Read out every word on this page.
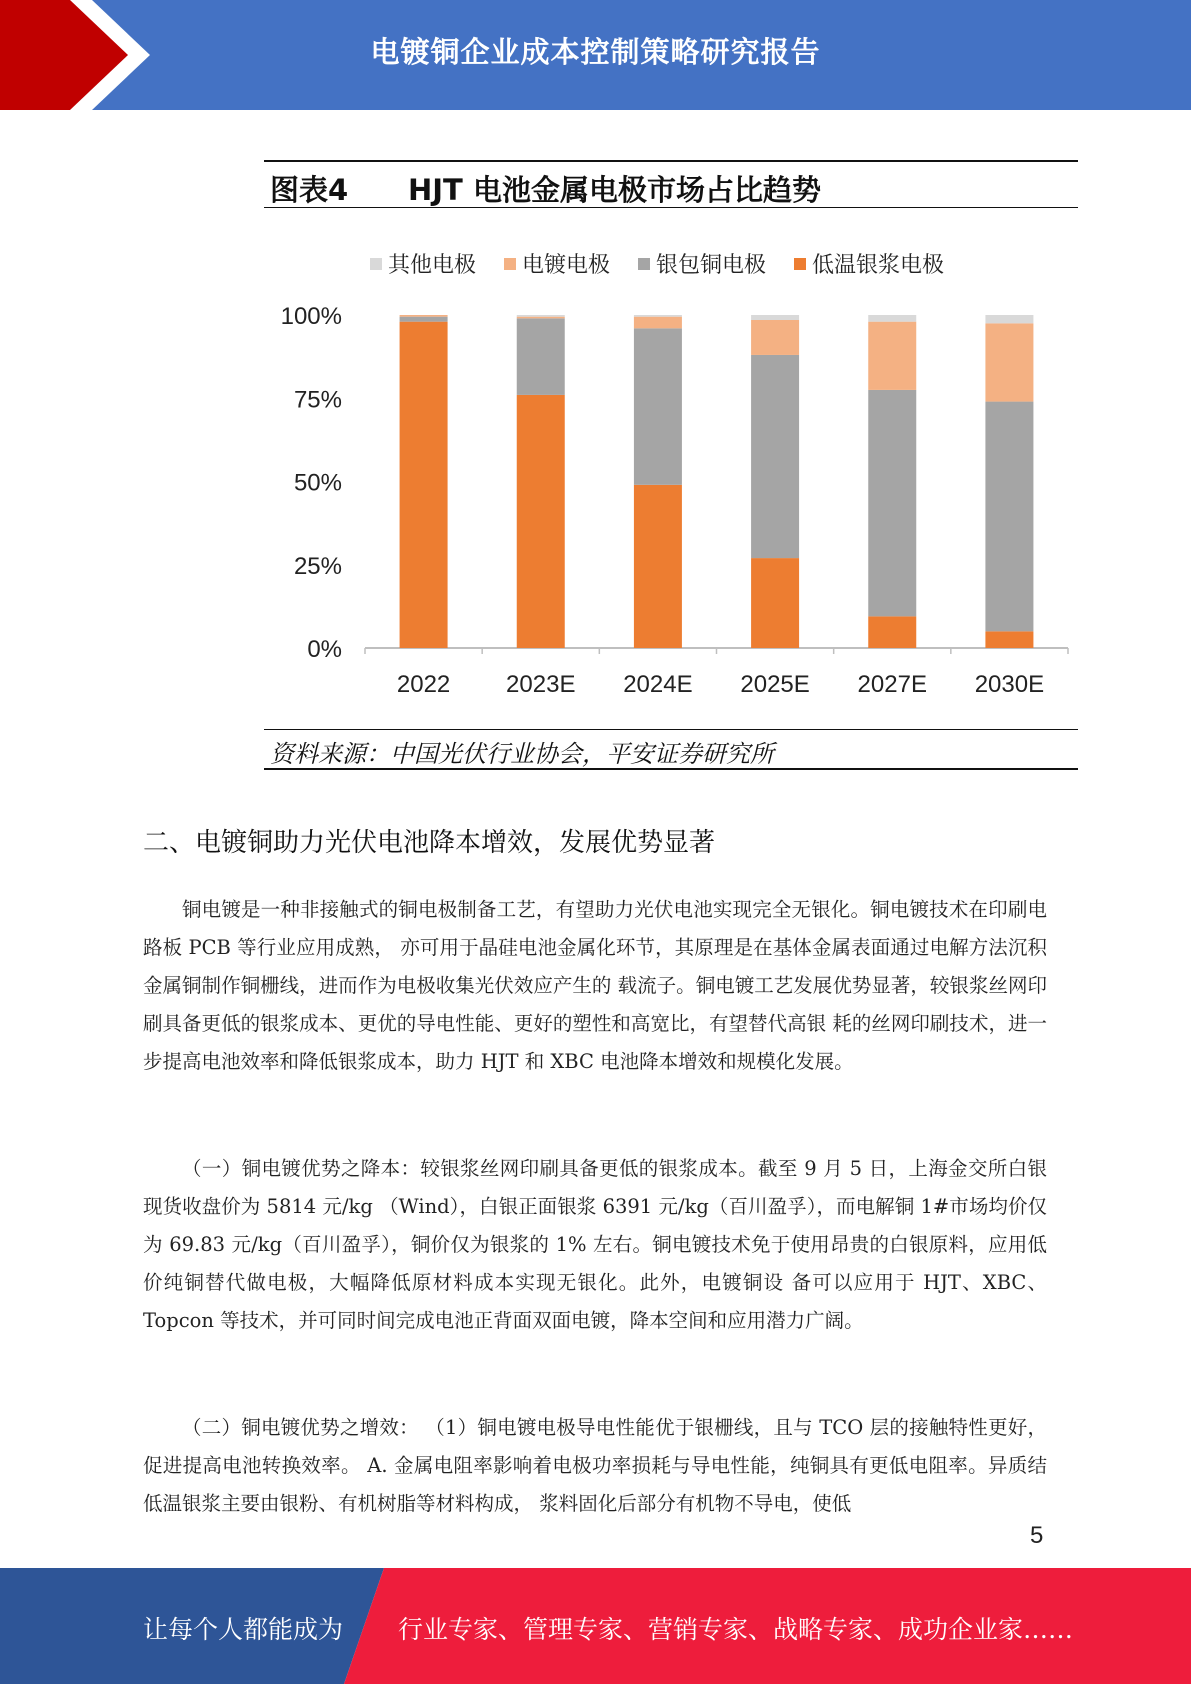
电镀铜企业成本控制策略研究报告
图表4 HJT 电池金属电极市场占比趋势
其他电极 电镀电极 银包铜电极 低温银浆电极
0%
25%
50%
75%
100%
2022 2023E 2024E 2025E 2027E 2030E
资料来源：中国光伏行业协会，平安证券研究所
二、电镀铜助力光伏电池降本增效，发展优势显著

铜电镀是一种非接触式的铜电极制备工艺，有望助力光伏电池实现完全无银化。铜电镀技术在印刷电路板 PCB 等行业应用成熟， 亦可用于晶硅电池金属化环节，其原理是在基体金属表面通过电解方法沉积金属铜制作铜栅线，进而作为电极收集光伏效应产生的 载流子。铜电镀工艺发展优势显著，较银浆丝网印刷具备更低的银浆成本、更优的导电性能、更好的塑性和高宽比，有望替代高银 耗的丝网印刷技术，进一步提高电池效率和降低银浆成本，助力 HJT 和 XBC 电池降本增效和规模化发展。

（一）铜电镀优势之降本：较银浆丝网印刷具备更低的银浆成本。截至 9 月 5 日，上海金交所白银现货收盘价为 5814 元/kg （Wind），白银正面银浆 6391 元/kg（百川盈孚），而电解铜 1#市场均价仅为 69.83 元/kg（百川盈孚），铜价仅为银浆的 1% 左右。铜电镀技术免于使用昂贵的白银原料，应用低价纯铜替代做电极，大幅降低原材料成本实现无银化。此外，电镀铜设 备可以应用于 HJT、XBC、Topcon 等技术，并可同时间完成电池正背面双面电镀，降本空间和应用潜力广阔。

（二）铜电镀优势之增效： （1）铜电镀电极导电性能优于银栅线，且与 TCO 层的接触特性更好，促进提高电池转换效率。 A. 金属电阻率影响着电极功率损耗与导电性能，纯铜具有更低电阻率。异质结低温银浆主要由银粉、有机树脂等材料构成， 浆料固化后部分有机物不导电，使低

5
让每个人都能成为 行业专家、管理专家、营销专家、战略专家、成功企业家……
